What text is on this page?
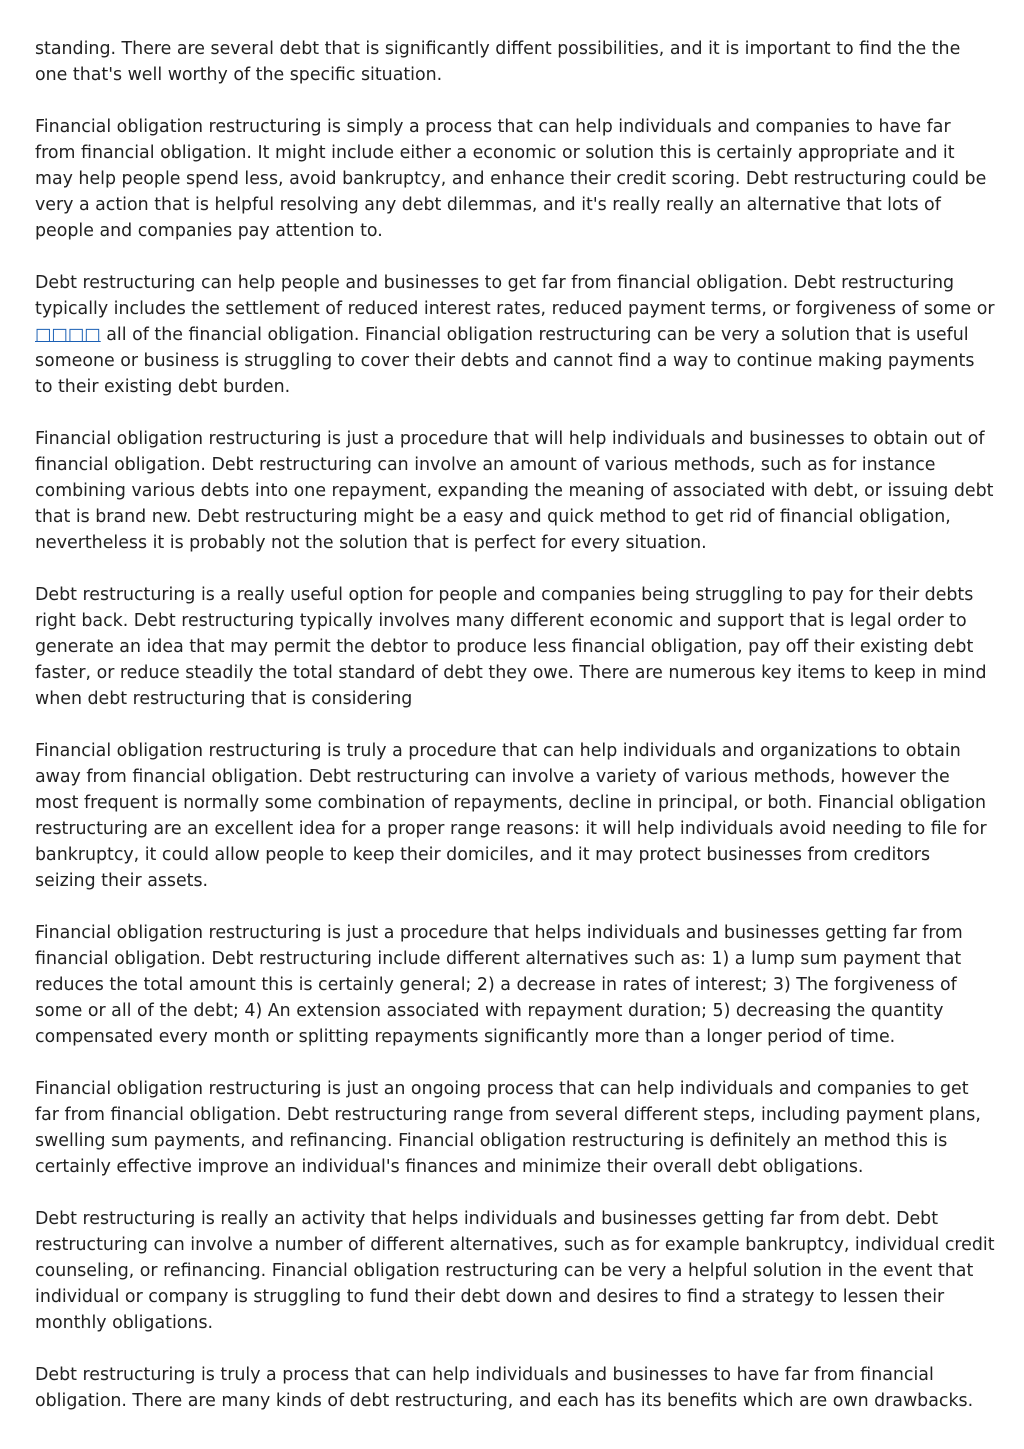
standing. There are several debt that is significantly diffent possibilities, and it is important to find the the one that's well worthy of the specific situation.

Financial obligation restructuring is simply a process that can help individuals and companies to have far from financial obligation. It might include either a economic or solution this is certainly appropriate and it may help people spend less, avoid bankruptcy, and enhance their credit scoring. Debt restructuring could be very a action that is helpful resolving any debt dilemmas, and it's really really an alternative that lots of people and companies pay attention to.

Debt restructuring can help people and businesses to get far from financial obligation. Debt restructuring typically includes the settlement of reduced interest rates, reduced payment terms, or forgiveness of some or □□□□ all of the financial obligation. Financial obligation restructuring can be very a solution that is useful someone or business is struggling to cover their debts and cannot find a way to continue making payments to their existing debt burden.

Financial obligation restructuring is just a procedure that will help individuals and businesses to obtain out of financial obligation. Debt restructuring can involve an amount of various methods, such as for instance combining various debts into one repayment, expanding the meaning of associated with debt, or issuing debt that is brand new. Debt restructuring might be a easy and quick method to get rid of financial obligation, nevertheless it is probably not the solution that is perfect for every situation.

Debt restructuring is a really useful option for people and companies being struggling to pay for their debts right back. Debt restructuring typically involves many different economic and support that is legal order to generate an idea that may permit the debtor to produce less financial obligation, pay off their existing debt faster, or reduce steadily the total standard of debt they owe. There are numerous key items to keep in mind when debt restructuring that is considering

Financial obligation restructuring is truly a procedure that can help individuals and organizations to obtain away from financial obligation. Debt restructuring can involve a variety of various methods, however the most frequent is normally some combination of repayments, decline in principal, or both. Financial obligation restructuring are an excellent idea for a proper range reasons: it will help individuals avoid needing to file for bankruptcy, it could allow people to keep their domiciles, and it may protect businesses from creditors seizing their assets.

Financial obligation restructuring is just a procedure that helps individuals and businesses getting far from financial obligation. Debt restructuring include different alternatives such as: 1) a lump sum payment that reduces the total amount this is certainly general; 2) a decrease in rates of interest; 3) The forgiveness of some or all of the debt; 4) An extension associated with repayment duration; 5) decreasing the quantity compensated every month or splitting repayments significantly more than a longer period of time.

Financial obligation restructuring is just an ongoing process that can help individuals and companies to get far from financial obligation. Debt restructuring range from several different steps, including payment plans, swelling sum payments, and refinancing. Financial obligation restructuring is definitely an method this is certainly effective improve an individual's finances and minimize their overall debt obligations.

Debt restructuring is really an activity that helps individuals and businesses getting far from debt. Debt restructuring can involve a number of different alternatives, such as for example bankruptcy, individual credit counseling, or refinancing. Financial obligation restructuring can be very a helpful solution in the event that individual or company is struggling to fund their debt down and desires to find a strategy to lessen their monthly obligations.

Debt restructuring is truly a process that can help individuals and businesses to have far from financial obligation. There are many kinds of debt restructuring, and each has its benefits which are own drawbacks.
